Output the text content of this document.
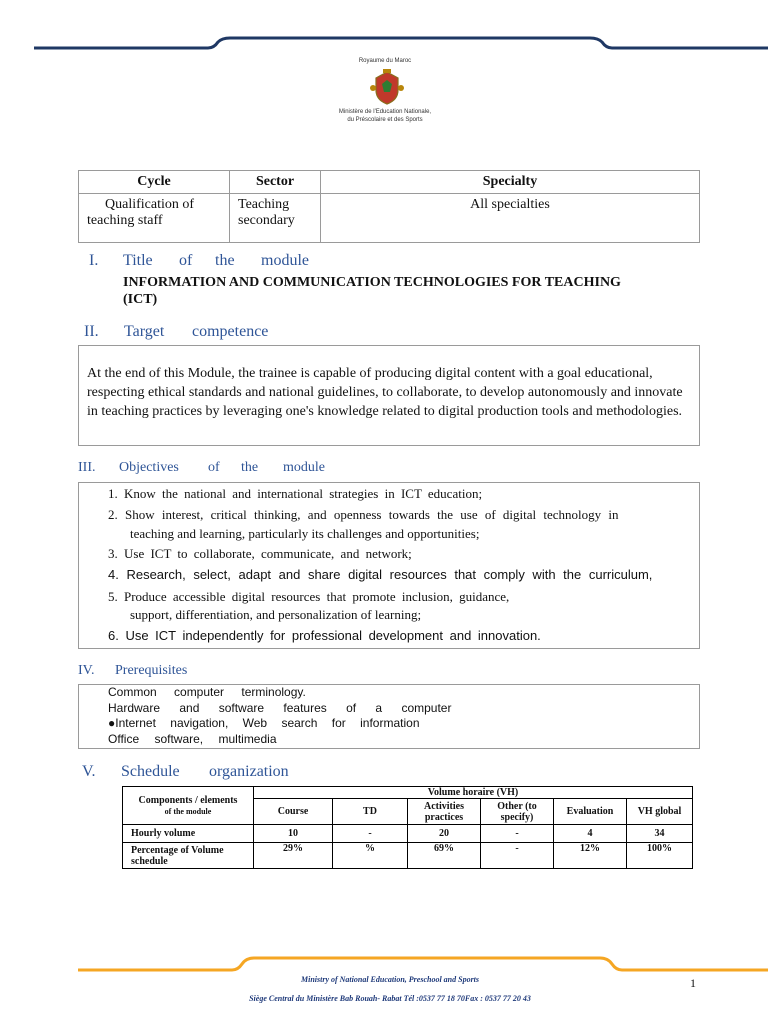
Royaume du Maroc
Ministère de l'Education Nationale,
du Préscolaire et des Sports
Cycle	Sector	Specialty
Qualification of teaching staff	Teaching secondary	All specialties
I. Title of the module
INFORMATION AND COMMUNICATION TECHNOLOGIES FOR TEACHING (ICT)
II. Target competence

At the end of this Module, the trainee is capable of producing digital content with a goal educational, respecting ethical standards and national guidelines, to collaborate, to develop autonomously and innovate in teaching practices by leveraging one's knowledge related to digital production tools and methodologies.

III. Objectives of the module
1. Know the national and international strategies in ICT education;
2. Show interest, critical thinking, and openness towards the use of digital technology in
teaching and learning, particularly its challenges and opportunities;
3. Use ICT to collaborate, communicate, and network;
4. Research, select, adapt and share digital resources that comply with the curriculum,
5. Produce accessible digital resources that promote inclusion, guidance,
support, differentiation, and personalization of learning;
6. Use ICT independently for professional development and innovation.
IV. Prerequisites
Common computer terminology.
Hardware and software features of a computer
●Internet navigation, Web search for information
Office software, multimedia
V. Schedule organization
Components / elements
of the module	Volume horaire (VH)					
	Course	TD	Activities practices	Other (to specify)	Evaluation	VH global
Hourly volume	10	-	20	-	4	34
Percentage of Volume schedule	29%	%	69%	-	12%	100%
Ministry of National Education, Preschool and Sports
Siège Central du Ministère Bab Rouah- Rabat Tél :0537 77 18 70Fax : 0537 77 20 43
1
